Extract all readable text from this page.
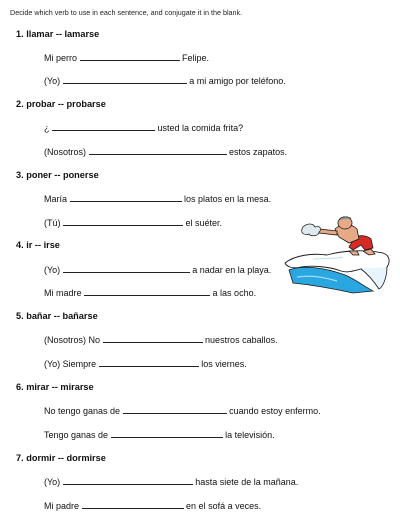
Decide which verb to use in each sentence, and conjugate it in the blank.
1. llamar -- lamarse
Mi perro	Felipe.
(Yo)	a mi amigo por teléfono.
2. probar -- probarse
¿	usted la comida frita?
(Nosotros)	estos zapatos.
3. poner -- ponerse
María	los platos en la mesa.
(Tú)	el suéter.
4. ir -- irse
(Yo)	a nadar en la playa.
Mi madre	a las ocho.
5. bañar -- bañarse
(Nosotros) No	nuestros caballos.
(Yo) Siempre	los viernes.
6. mirar -- mirarse
No tengo ganas de	cuando estoy enfermo.
Tengo ganas de	la televisión.
7. dormir -- dormirse
(Yo)	hasta siete de la mañana.
Mi padre	en el sofá a veces.
